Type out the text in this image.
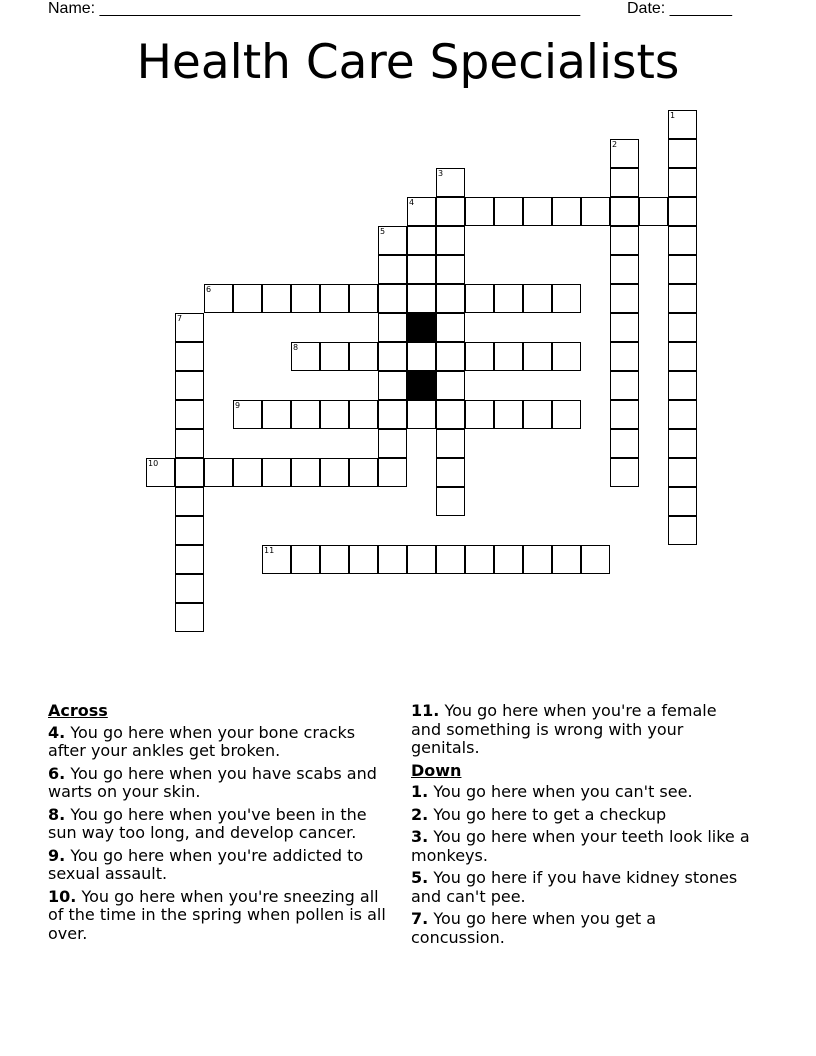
Name: ______________________________________________________	Date: _______
Health Care Specialists
1
2
3
4
5
6
7
8
9
10
11
Across
4. You go here when your bone cracks after your ankles get broken.
6. You go here when you have scabs and warts on your skin.
8. You go here when you've been in the sun way too long, and develop cancer.
9. You go here when you're addicted to sexual assault.
10. You go here when you're sneezing all of the time in the spring when pollen is all over.
11. You go here when you're a female and something is wrong with your genitals.
Down
1. You go here when you can't see.
2. You go here to get a checkup
3. You go here when your teeth look like a monkeys.
5. You go here if you have kidney stones and can't pee.
7. You go here when you get a concussion.
